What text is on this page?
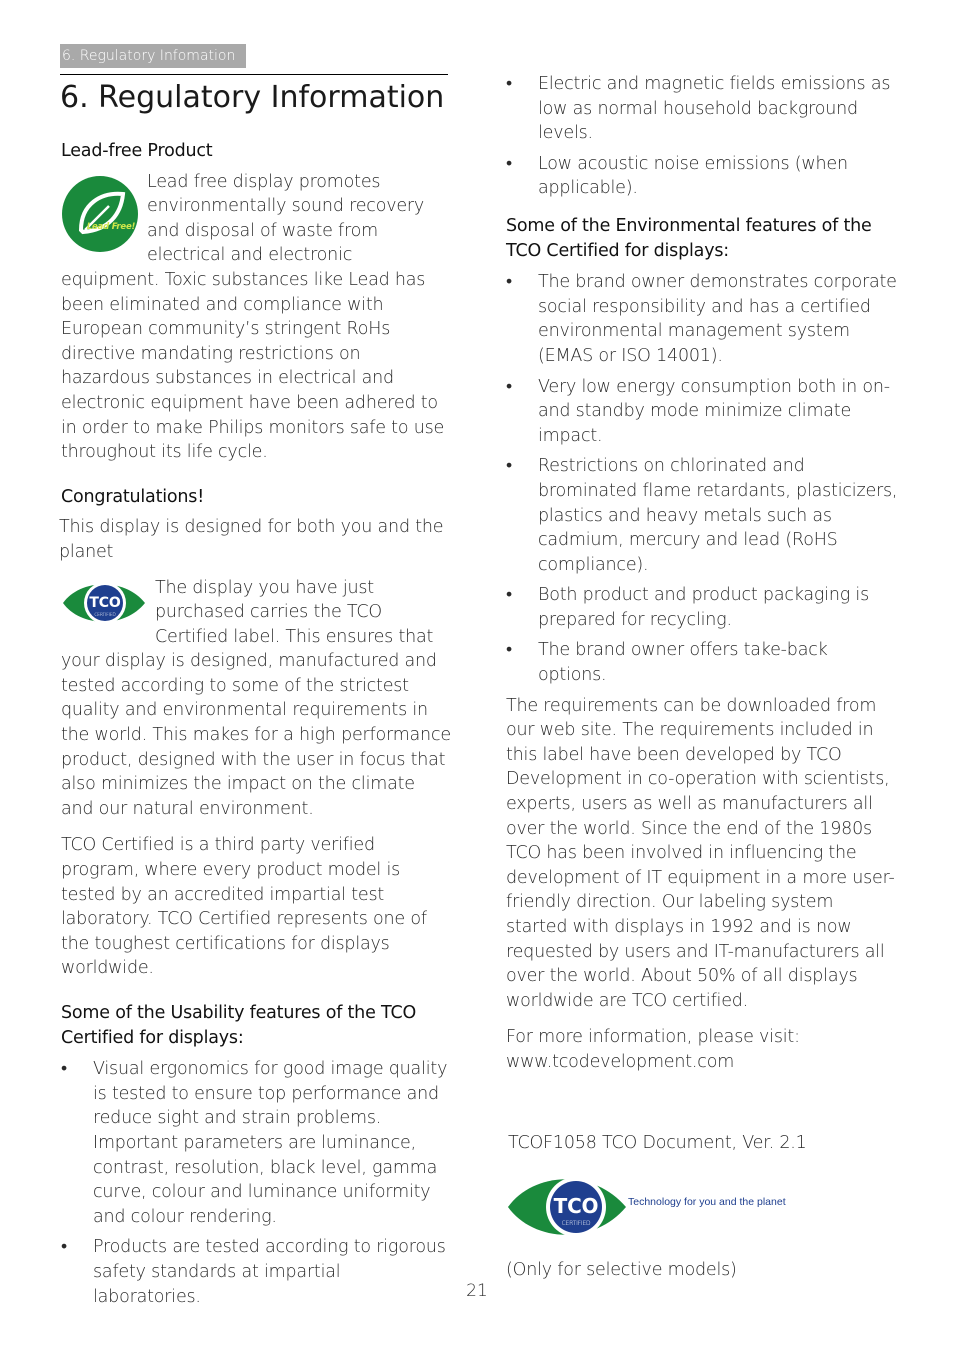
6. Regulatory Infomation
6. Regulatory Information

Lead-free Product

Lead Free!

Lead free display promotes environmentally sound recovery and disposal of waste from electrical and electronic equipment. Toxic substances like Lead has been eliminated and compliance with European community’s stringent RoHs directive mandating restrictions on hazardous substances in electrical and electronic equipment have been adhered to in order to make Philips monitors safe to use throughout its life cycle.

Congratulations!

This display is designed for both you and the planet

TCO
CERTIFIED

The display you have just purchased carries the TCO Certified label. This ensures that your display is designed, manufactured and tested according to some of the strictest quality and environmental requirements in the world. This makes for a high performance product, designed with the user in focus that also minimizes the impact on the climate and our natural environment.

TCO Certified is a third party verified program, where every product model is tested by an accredited impartial test laboratory. TCO Certified represents one of the toughest certifications for displays worldwide.

Some of the Usability features of the TCO Certified for displays:

• Visual ergonomics for good image quality is tested to ensure top performance and reduce sight and strain problems. Important parameters are luminance, contrast, resolution, black level, gamma curve, colour and luminance uniformity and colour rendering.
• Products are tested according to rigorous safety standards at impartial laboratories.
• Electric and magnetic fields emissions as low as normal household background levels.
• Low acoustic noise emissions (when applicable).

Some of the Environmental features of the TCO Certified for displays:

• The brand owner demonstrates corporate social responsibility and has a certified environmental management system (EMAS or ISO 14001).
• Very low energy consumption both in on- and standby mode minimize climate impact.
• Restrictions on chlorinated and brominated flame retardants, plasticizers, plastics and heavy metals such as cadmium, mercury and lead (RoHS compliance).
• Both product and product packaging is prepared for recycling.
• The brand owner offers take-back options.

The requirements can be downloaded from our web site. The requirements included in this label have been developed by TCO Development in co-operation with scientists, experts, users as well as manufacturers all over the world. Since the end of the 1980s TCO has been involved in influencing the development of IT equipment in a more user-friendly direction. Our labeling system started with displays in 1992 and is now requested by users and IT-manufacturers all over the world. About 50% of all displays worldwide are TCO certified.

For more information, please visit:

www.tcodevelopment.com

TCOF1058 TCO Document, Ver. 2.1

TCO
CERTIFIED
Technology for you and the planet

(Only for selective models)

21
